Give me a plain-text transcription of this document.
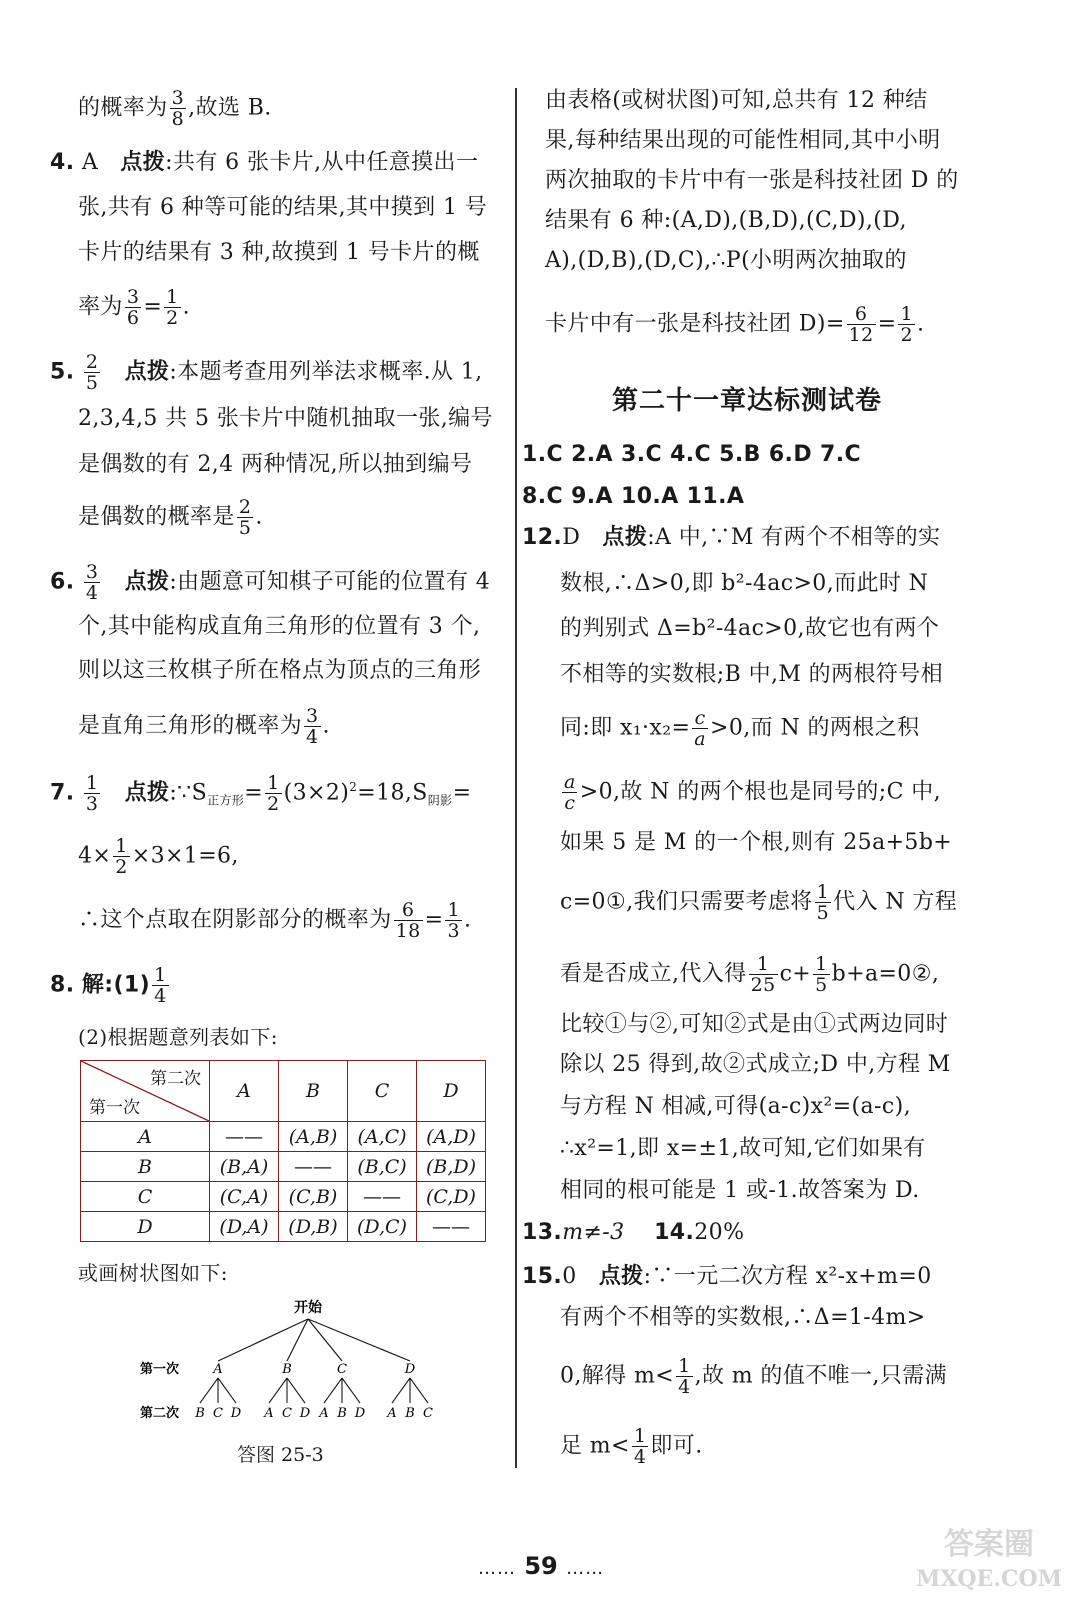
的概率为 $\frac{3}{8}$ ,故选 B.
4. A 点拨:共有 6 张卡片,从中任意摸出一
张,共有 6 种等可能的结果,其中摸到 1 号
卡片的结果有 3 种,故摸到 1 号卡片的概
率为 $\frac{3}{6} = \frac{1}{2}$ .
5. $\frac{2}{5}$ 点拨:本题考查用列举法求概率.从 1,
2,3,4,5 共 5 张卡片中随机抽取一张,编号
是偶数的有 2,4 两种情况,所以抽到编号
是偶数的概率是 $\frac{2}{5}$ .
6. $\frac{3}{4}$ 点拨:由题意可知棋子可能的位置有 4
个,其中能构成直角三角形的位置有 3 个,
则以这三枚棋子所在格点为顶点的三角形
是直角三角形的概率为 $\frac{3}{4}$ .
7. $\frac{1}{3}$ 点拨$:\because S_{正方形}= \frac{1}{2} (3\times 2)^2=18,S_{阴影}=$
$4\times \frac{1}{2} \times 3\times 1=6$,
∴这个点取在阴影部分的概率为 $\frac{6}{18} = \frac{1}{3}$ .
8. 解:(1) $\frac{1}{4}$
(2)根据题意列表如下:
第二次
第一次	A	B	C	D
A	——	(A,B)	(A,C)	(A,D)
B	(B,A)	——	(B,C)	(B,D)
C	(C,A)	(C,B)	——	(C,D)
D	(D,A)	(D,B)	(D,C)	——
或画树状图如下:
开始
第一次
第二次
A
B C D
B
A C D
C
A B D
D
A B C
答图 25-3
由表格(或树状图)可知,总共有 12 种结
果,每种结果出现的可能性相同,其中小明
两次抽取的卡片中有一张是科技社团 D 的
结果有 6 种:(A,D),(B,D),(C,D),(D,
A),(D,B),(D,C),∴P(小明两次抽取的
卡片中有一张是科技社团 $D)= \frac{6}{12} = \frac{1}{2}$ .
第二十一章达标测试卷
1.C 2.A 3.C 4.C 5.B 6.D 7.C
8.C 9.A 10.A 11.A
12.D 点拨:A 中,∵M 有两个不相等的实
数根,∴Δ>0,即 b²-4ac>0,而此时 N
的判别式 Δ=b²-4ac>0,故它也有两个
不相等的实数根;B 中,M 的两根符号相
同:即 $x_1\cdot x_2= \frac{c}{a} >0$,而 N 的两根之积
$\frac{a}{c} >0$,故 N 的两个根也是同号的;C 中,
如果 5 是 M 的一个根,则有 25a+5b+
c=0①,我们只需要考虑将 $\frac{1}{5}$ 代入 N 方程
看是否成立,代入得 $\frac{1}{25} c+ \frac{1}{5}$ b+a=0②,
比较①与②,可知②式是由①式两边同时
除以 25 得到,故②式成立;D 中,方程 M
与方程 N 相减,可得(a-c)x²=(a-c),
∴x²=1,即 x=±1,故可知,它们如果有
相同的根可能是 1 或-1.故答案为 D.
13.m≠-3 14.20%
15.0 点拨:∵一元二次方程 x²-x+m=0
有两个不相等的实数根,∴Δ=1-4m>
0,解得 $m< \frac{1}{4}$ ,故 m 的值不唯一,只需满
足 $m< \frac{1}{4}$ 即可.
…… 59 ……
答案圈
MXQE.COM
